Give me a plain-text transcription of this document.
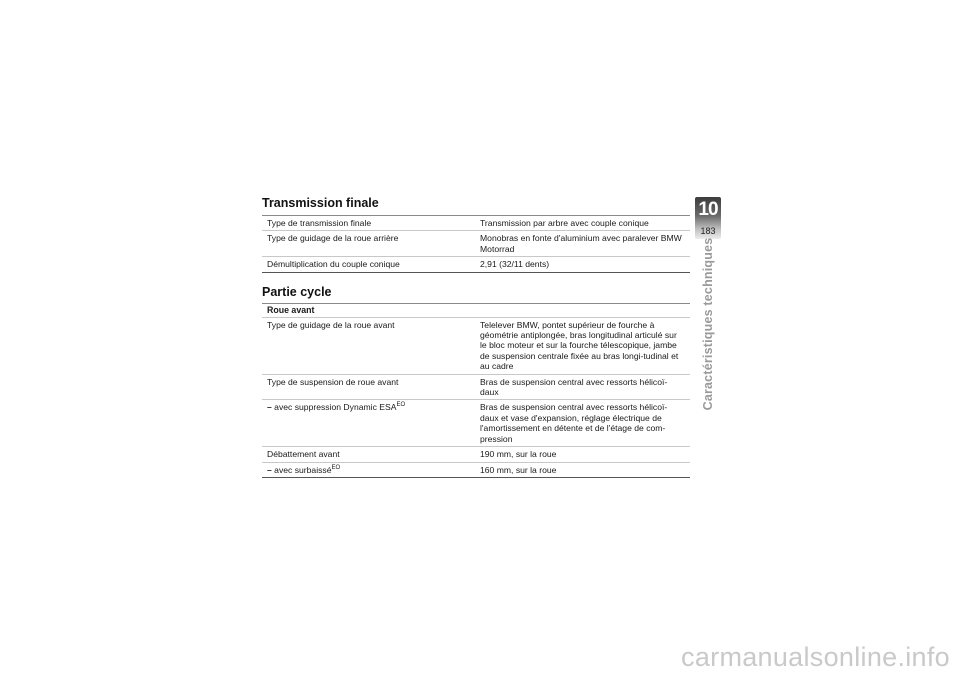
Transmission finale
Type de transmission finale	Transmission par arbre avec couple conique
Type de guidage de la roue arrière	Monobras en fonte d'aluminium avec paralever BMW Motorrad
Démultiplication du couple conique	2,91 (32/11 dents)
Partie cycle
Roue avant
Type de guidage de la roue avant	Telelever BMW, pontet supérieur de fourche à géométrie antiplongée, bras longitudinal articulé sur le bloc moteur et sur la fourche télescopique, jambe de suspension centrale fixée au bras longi-tudinal et au cadre
Type de suspension de roue avant	Bras de suspension central avec ressorts hélicoï-daux
– avec suppression Dynamic $ESA^{EO}$	Bras de suspension central avec ressorts hélicoï-daux et vase d'expansion, réglage électrique de l'amortissement en détente et de l'étage de com-pression
Débattement avant	190 mm, sur la roue
– avec surbaissé$^{EO}$	160 mm, sur la roue
10
183
Caractéristiques techniques
carmanualsonline.info
